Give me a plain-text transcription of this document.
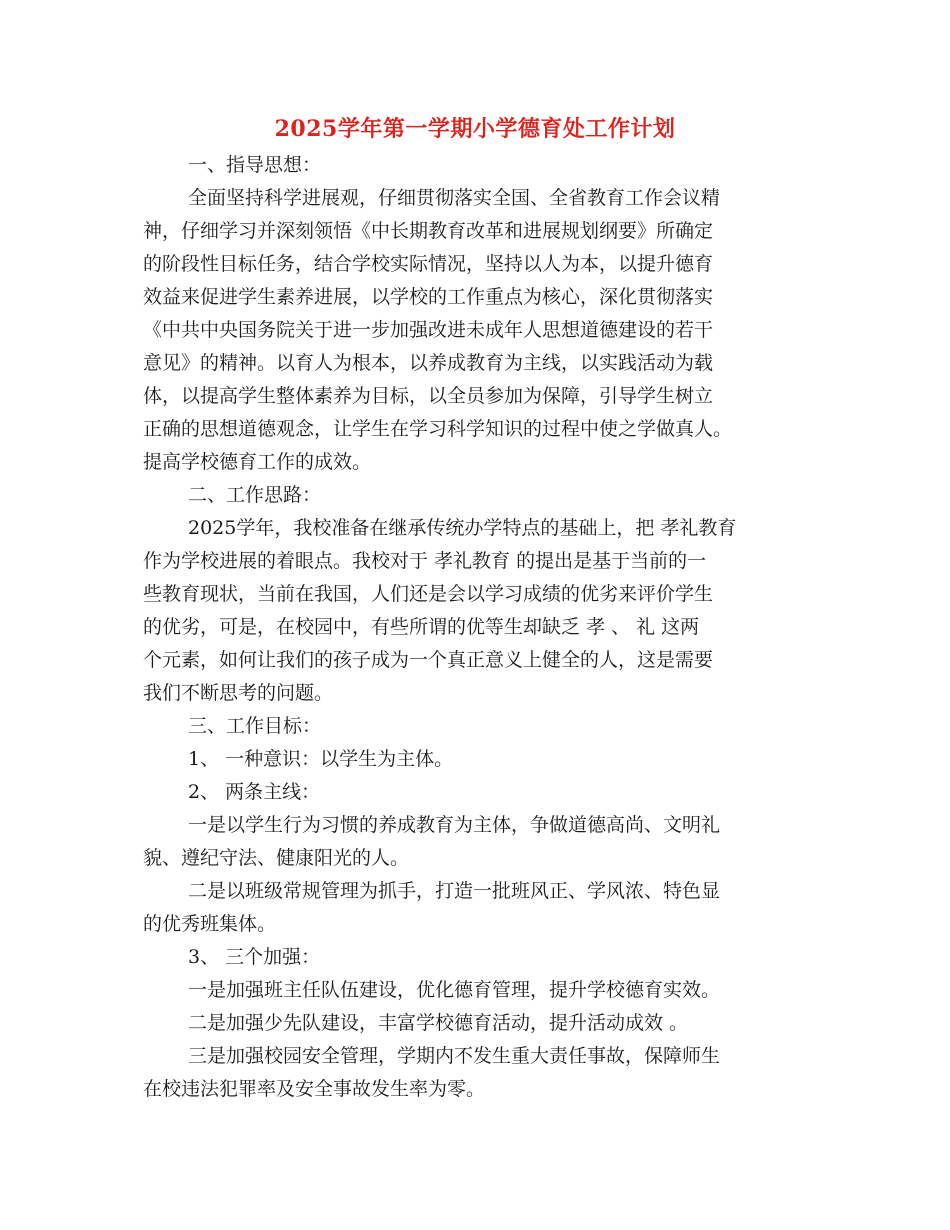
2025学年第一学期小学德育处工作计划
一、指导思想：
全面坚持科学进展观，仔细贯彻落实全国、全省教育工作会议精
神，仔细学习并深刻领悟《中长期教育改革和进展规划纲要》所确定
的阶段性目标任务，结合学校实际情况，坚持以人为本，以提升德育
效益来促进学生素养进展，以学校的工作重点为核心，深化贯彻落实
《中共中央国务院关于进一步加强改进未成年人思想道德建设的若干
意见》的精神。以育人为根本，以养成教育为主线，以实践活动为载
体，以提高学生整体素养为目标，以全员参加为保障，引导学生树立
正确的思想道德观念，让学生在学习科学知识的过程中使之学做真人。
提高学校德育工作的成效。
二、工作思路：
2025学年，我校准备在继承传统办学特点的基础上，把 孝礼教育
作为学校进展的着眼点。我校对于 孝礼教育 的提出是基于当前的一
些教育现状，当前在我国，人们还是会以学习成绩的优劣来评价学生
的优劣，可是，在校园中，有些所谓的优等生却缺乏 孝 、 礼 这两
个元素，如何让我们的孩子成为一个真正意义上健全的人，这是需要
我们不断思考的问题。
三、工作目标：
1、 一种意识：以学生为主体。
2、 两条主线：
一是以学生行为习惯的养成教育为主体，争做道德高尚、文明礼
貌、遵纪守法、健康阳光的人。
二是以班级常规管理为抓手，打造一批班风正、学风浓、特色显
的优秀班集体。
3、 三个加强：
一是加强班主任队伍建设，优化德育管理，提升学校德育实效。
二是加强少先队建设，丰富学校德育活动，提升活动成效 。
三是加强校园安全管理，学期内不发生重大责任事故，保障师生
在校违法犯罪率及安全事故发生率为零。
